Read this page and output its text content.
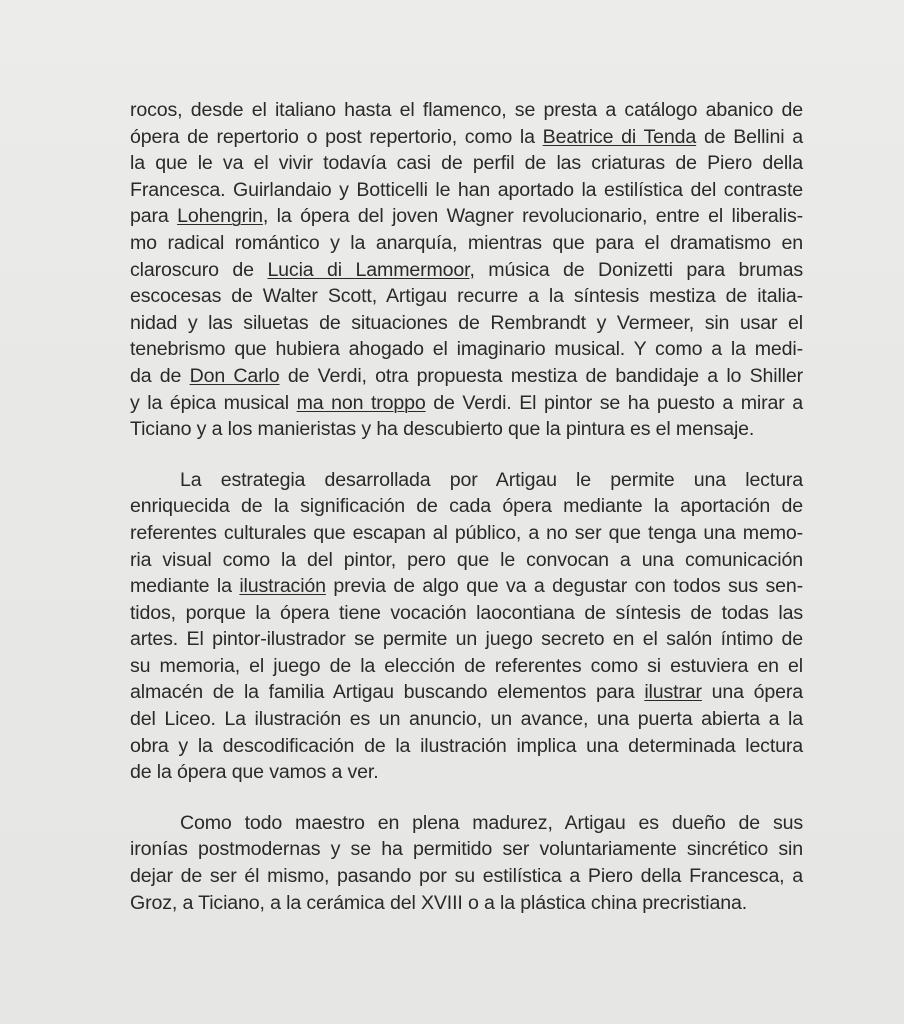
rocos, desde el italiano hasta el flamenco, se presta a catálogo abanico de
ópera de repertorio o post repertorio, como la Beatrice di Tenda de Bellini a
la que le va el vivir todavía casi de perfil de las criaturas de Piero della
Francesca. Guirlandaio y Botticelli le han aportado la estilística del contraste
para Lohengrin, la ópera del joven Wagner revolucionario, entre el liberalis-
mo radical romántico y la anarquía, mientras que para el dramatismo en
claroscuro de Lucia di Lammermoor, música de Donizetti para brumas
escocesas de Walter Scott, Artigau recurre a la síntesis mestiza de italia-
nidad y las siluetas de situaciones de Rembrandt y Vermeer, sin usar el
tenebrismo que hubiera ahogado el imaginario musical. Y como a la medi-
da de Don Carlo de Verdi, otra propuesta mestiza de bandidaje a lo Shiller
y la épica musical ma non troppo de Verdi. El pintor se ha puesto a mirar a
Ticiano y a los manieristas y ha descubierto que la pintura es el mensaje.
La estrategia desarrollada por Artigau le permite una lectura
enriquecida de la significación de cada ópera mediante la aportación de
referentes culturales que escapan al público, a no ser que tenga una memo-
ria visual como la del pintor, pero que le convocan a una comunicación
mediante la ilustración previa de algo que va a degustar con todos sus sen-
tidos, porque la ópera tiene vocación laocontiana de síntesis de todas las
artes. El pintor-ilustrador se permite un juego secreto en el salón íntimo de
su memoria, el juego de la elección de referentes como si estuviera en el
almacén de la familia Artigau buscando elementos para ilustrar una ópera
del Liceo. La ilustración es un anuncio, un avance, una puerta abierta a la
obra y la descodificación de la ilustración implica una determinada lectura
de la ópera que vamos a ver.
Como todo maestro en plena madurez, Artigau es dueño de sus
ironías postmodernas y se ha permitido ser voluntariamente sincrético sin
dejar de ser él mismo, pasando por su estilística a Piero della Francesca, a
Groz, a Ticiano, a la cerámica del XVIII o a la plástica china precristiana.
